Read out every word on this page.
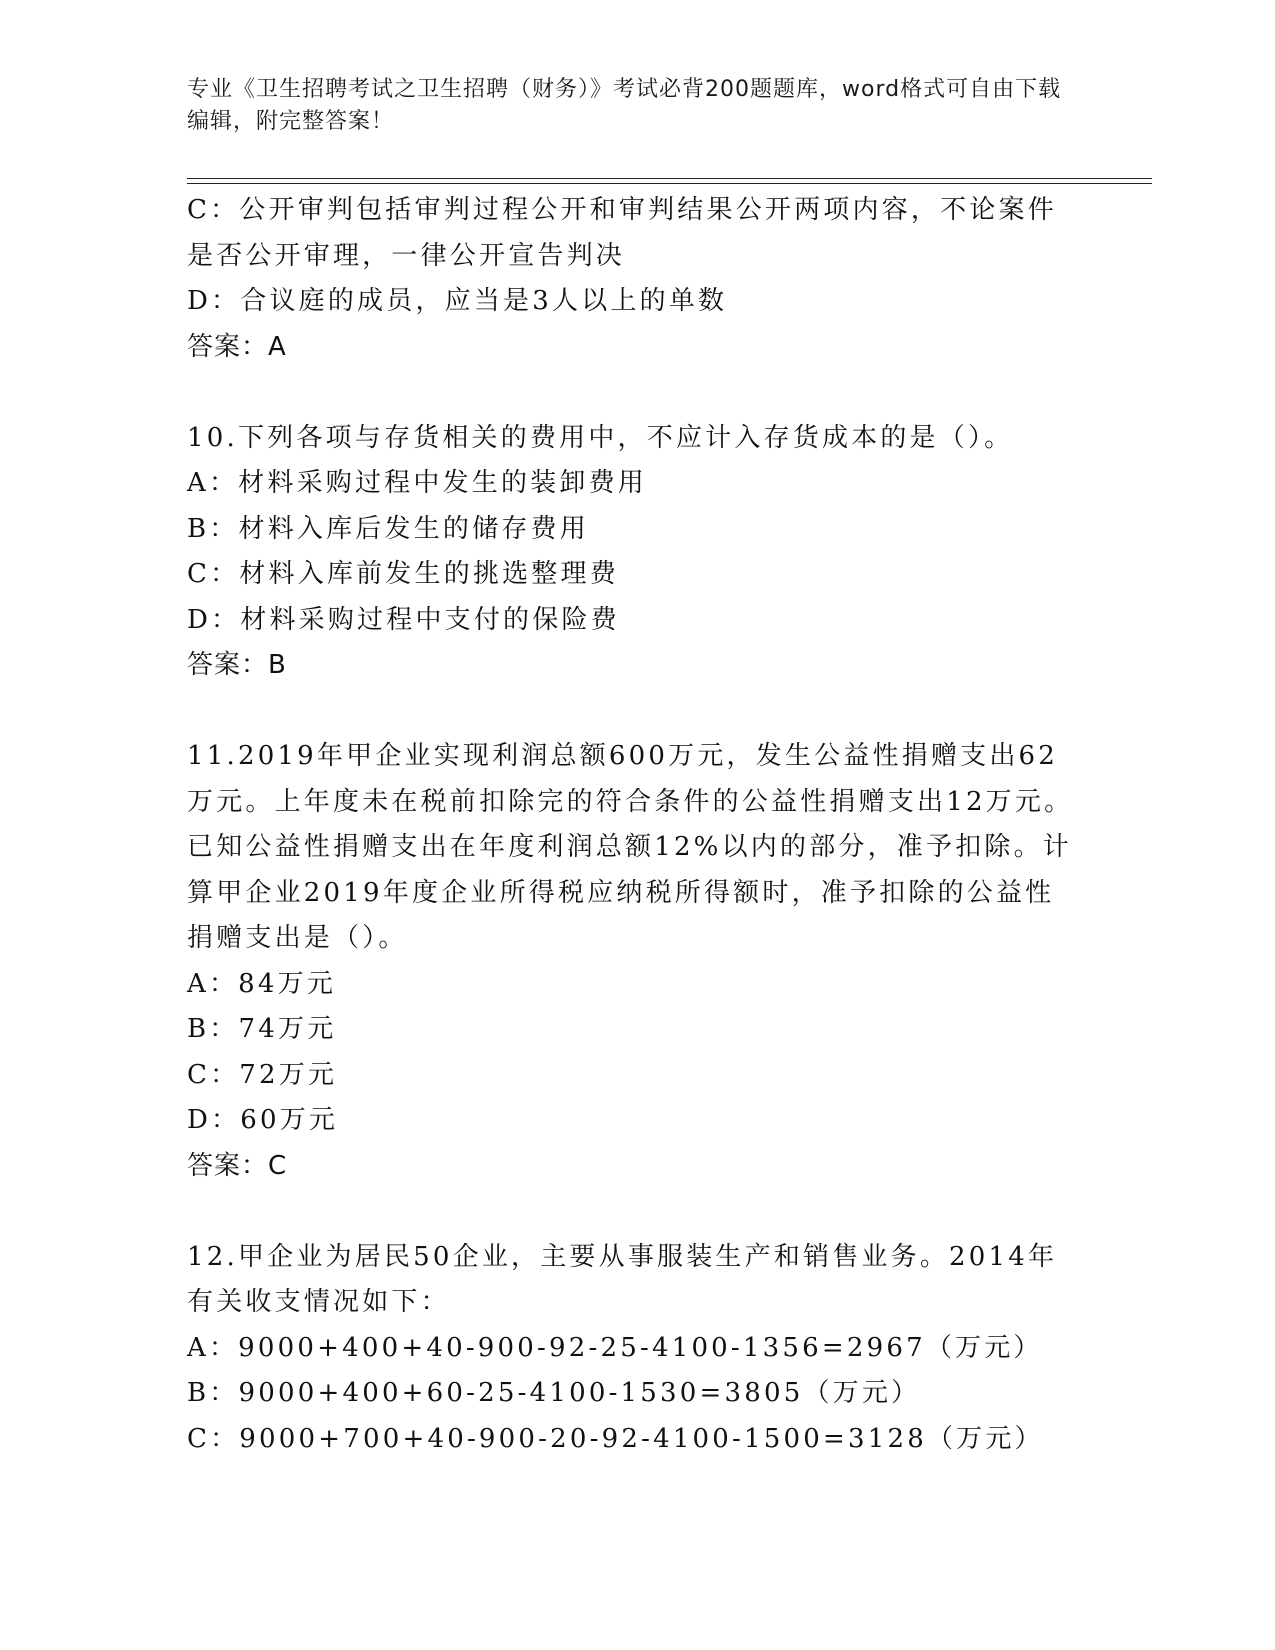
专业《卫生招聘考试之卫生招聘（财务）》考试必背200题题库，word格式可自由下载编辑，附完整答案！
C：公开审判包括审判过程公开和审判结果公开两项内容，不论案件是否公开审理，一律公开宣告判决
D：合议庭的成员，应当是3人以上的单数
答案：A
10.下列各项与存货相关的费用中，不应计入存货成本的是（）。
A：材料采购过程中发生的装卸费用
B：材料入库后发生的储存费用
C：材料入库前发生的挑选整理费
D：材料采购过程中支付的保险费
答案：B
11.2019年甲企业实现利润总额600万元，发生公益性捐赠支出62万元。上年度未在税前扣除完的符合条件的公益性捐赠支出12万元。已知公益性捐赠支出在年度利润总额12%以内的部分，准予扣除。计算甲企业2019年度企业所得税应纳税所得额时，准予扣除的公益性捐赠支出是（）。
A：84万元
B：74万元
C：72万元
D：60万元
答案：C
12.甲企业为居民50企业，主要从事服装生产和销售业务。2014年有关收支情况如下：
A：9000+400+40-900-92-25-4100-1356=2967（万元）
B：9000+400+60-25-4100-1530=3805（万元）
C：9000+700+40-900-20-92-4100-1500=3128（万元）
